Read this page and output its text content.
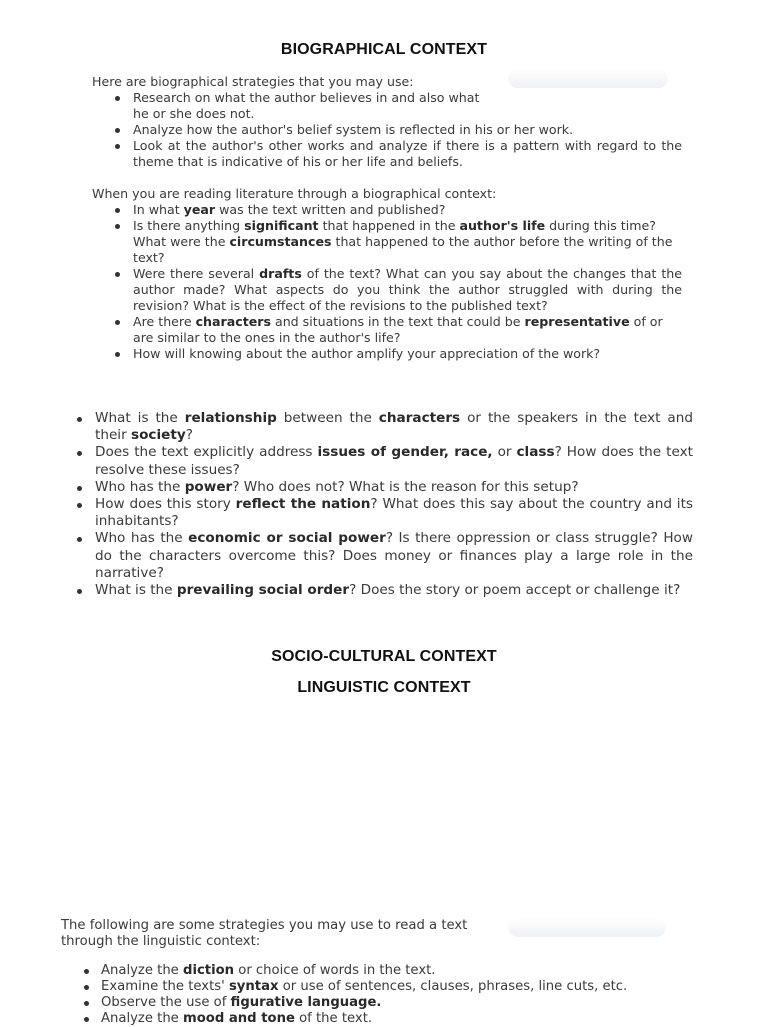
BIOGRAPHICAL CONTEXT

Here are biographical strategies that you may use:

Research on what the author believes in and also what
he or she does not.
Analyze how the author's belief system is reflected in his or her work.
Look at the author's other works and analyze if there is a pattern with regard to the theme that is indicative of his or her life and beliefs.

When you are reading literature through a biographical context:

In what year was the text written and published?
Is there anything significant that happened in the author's life during this time? What were the circumstances that happened to the author before the writing of the text?
Were there several drafts of the text? What can you say about the changes that the author made? What aspects do you think the author struggled with during the revision? What is the effect of the revisions to the published text?
Are there characters and situations in the text that could be representative of or are similar to the ones in the author's life?
How will knowing about the author amplify your appreciation of the work?
What is the relationship between the characters or the speakers in the text and their society?
Does the text explicitly address issues of gender, race, or class? How does the text resolve these issues?
Who has the power? Who does not? What is the reason for this setup?
How does this story reflect the nation? What does this say about the country and its inhabitants?
Who has the economic or social power? Is there oppression or class struggle? How do the characters overcome this? Does money or finances play a large role in the narrative?
What is the prevailing social order? Does the story or poem accept or challenge it?
SOCIO-CULTURAL CONTEXT
LINGUISTIC CONTEXT

The following are some strategies you may use to read a text
through the linguistic context:

Analyze the diction or choice of words in the text.
Examine the texts' syntax or use of sentences, clauses, phrases, line cuts, etc.
Observe the use of figurative language.
Analyze the mood and tone of the text.
